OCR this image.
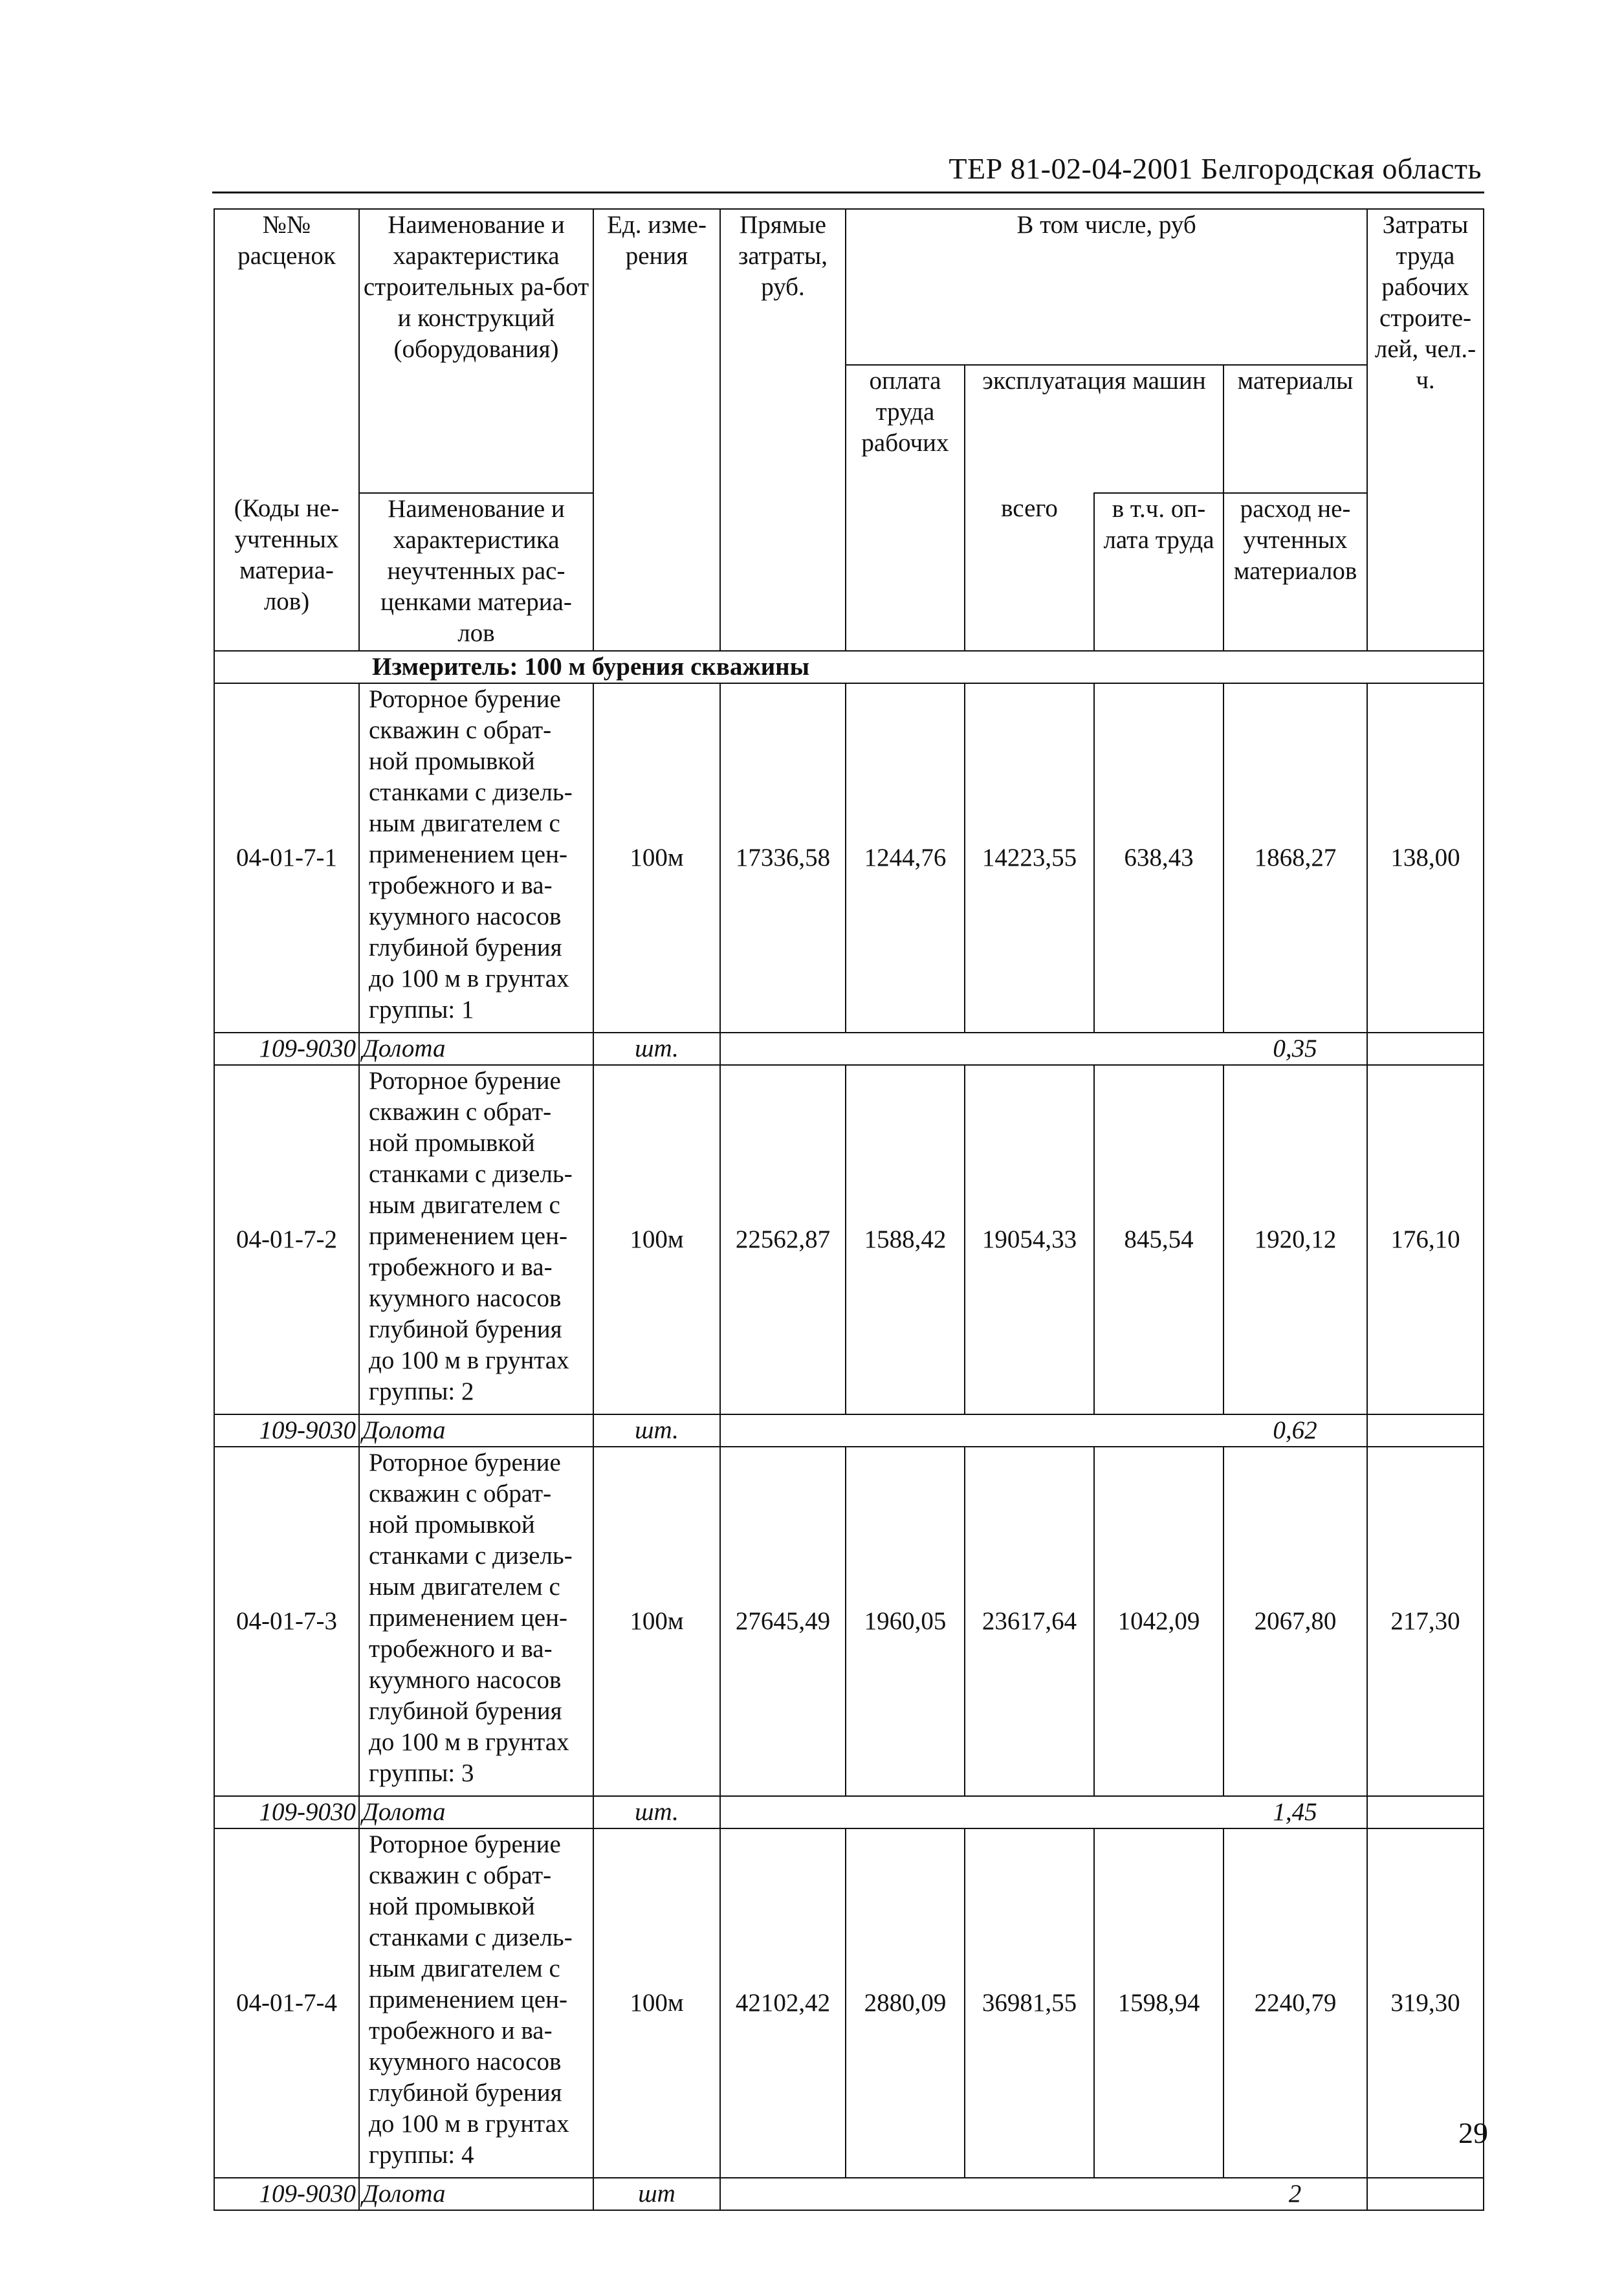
ТЕР 81-02-04-2001 Белгородская область
№№ расценок	Наименование и характеристика строительных ра-бот и конструкций (оборудования)	Ед. изме-рения	Прямые затраты, руб.	В том числе, руб				Затраты труда рабочих строите-лей, чел.-ч.
				оплата труда рабочих	эксплуатация машин		материалы	
(Коды не-учтенных материа-лов)	Наименование и характеристика неучтенных рас-ценками материа-лов				всего	в т.ч. оп-лата труда	расход не-учтенных материалов	
	Измеритель: 100 м бурения скважины							
04-01-7-1	Роторное бурение скважин с обрат-ной промывкой станками с дизель-ным двигателем с применением цен-тробежного и ва-куумного насосов глубиной бурения до 100 м в грунтах группы: 1	100м	17336,58	1244,76	14223,55	638,43	1868,27	138,00
109-9030	Долота	шт.					0,35	
04-01-7-2	Роторное бурение скважин с обрат-ной промывкой станками с дизель-ным двигателем с применением цен-тробежного и ва-куумного насосов глубиной бурения до 100 м в грунтах группы: 2	100м	22562,87	1588,42	19054,33	845,54	1920,12	176,10
109-9030	Долота	шт.					0,62	
04-01-7-3	Роторное бурение скважин с обрат-ной промывкой станками с дизель-ным двигателем с применением цен-тробежного и ва-куумного насосов глубиной бурения до 100 м в грунтах группы: 3	100м	27645,49	1960,05	23617,64	1042,09	2067,80	217,30
109-9030	Долота	шт.					1,45	
04-01-7-4	Роторное бурение скважин с обрат-ной промывкой станками с дизель-ным двигателем с применением цен-тробежного и ва-куумного насосов глубиной бурения до 100 м в грунтах группы: 4	100м	42102,42	2880,09	36981,55	1598,94	2240,79	319,30
109-9030	Долота	шт					2	
29
